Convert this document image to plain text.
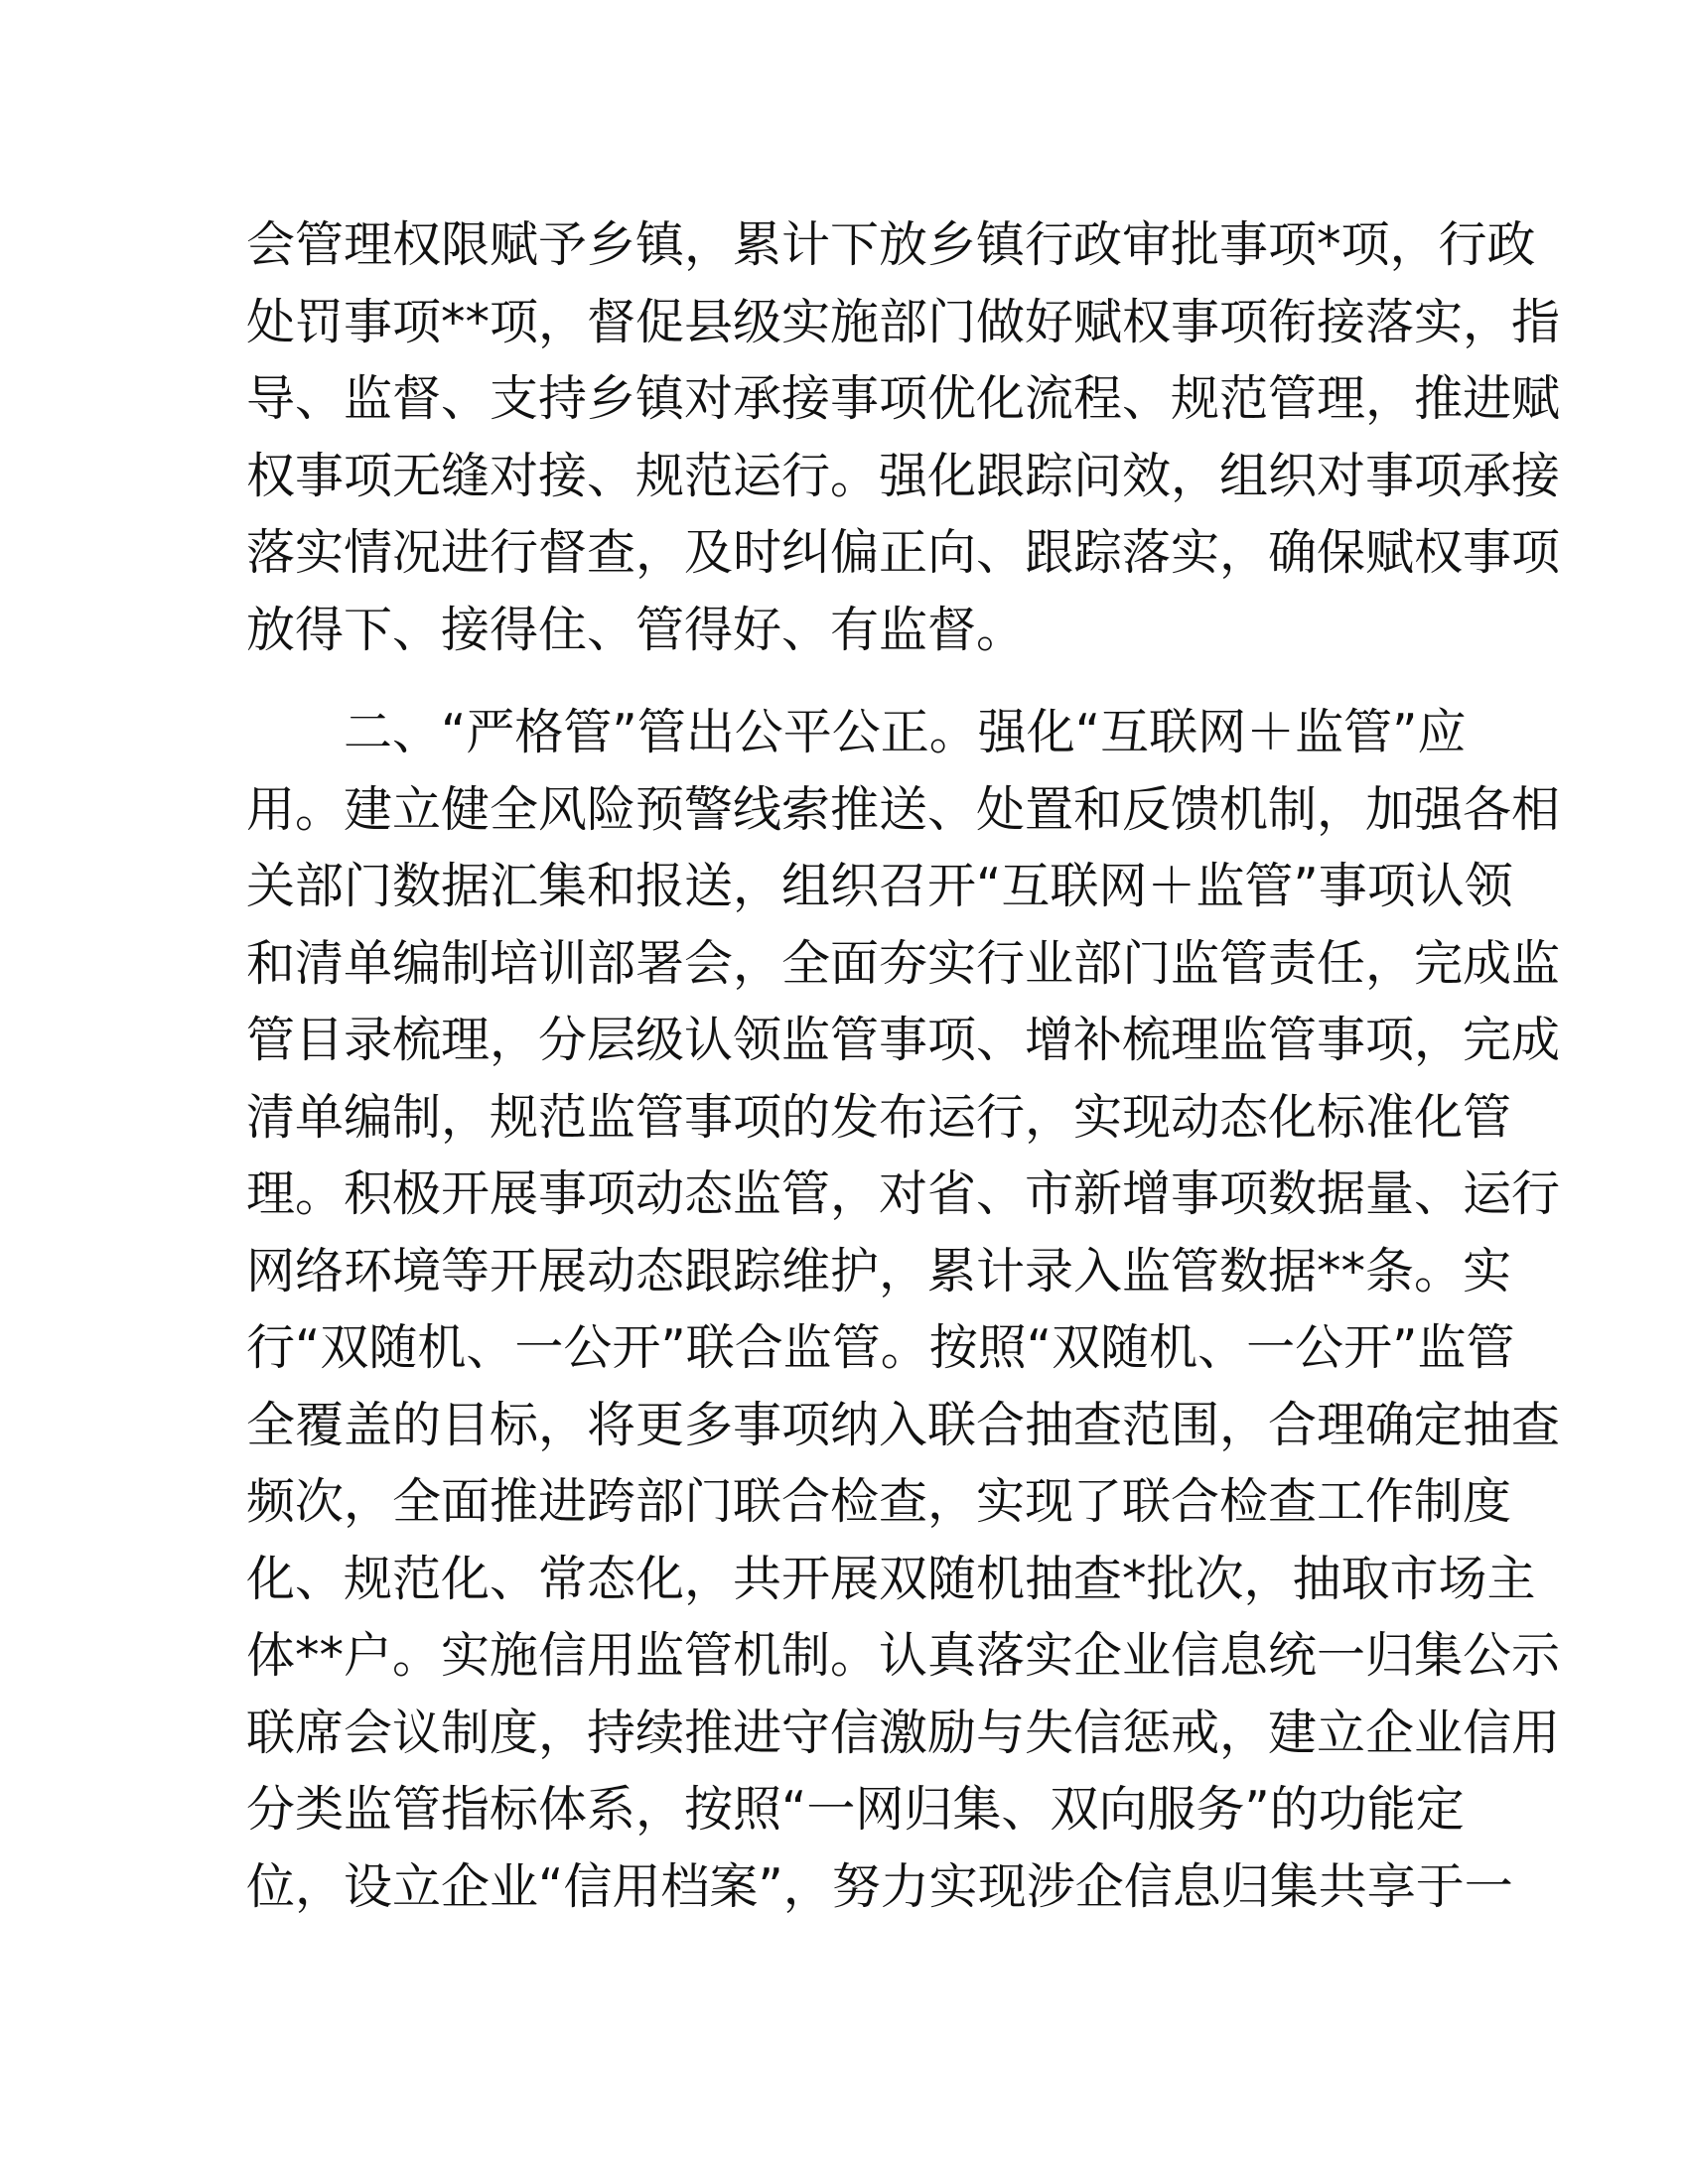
会管理权限赋予乡镇，累计下放乡镇行政审批事项*项，行政
处罚事项**项，督促县级实施部门做好赋权事项衔接落实，指
导、监督、支持乡镇对承接事项优化流程、规范管理，推进赋
权事项无缝对接、规范运行。强化跟踪问效，组织对事项承接
落实情况进行督查，及时纠偏正向、跟踪落实，确保赋权事项
放得下、接得住、管得好、有监督。
二、“严格管”管出公平公正。强化“互联网＋监管”应
用。建立健全风险预警线索推送、处置和反馈机制，加强各相
关部门数据汇集和报送，组织召开“互联网＋监管”事项认领
和清单编制培训部署会，全面夯实行业部门监管责任，完成监
管目录梳理，分层级认领监管事项、增补梳理监管事项，完成
清单编制，规范监管事项的发布运行，实现动态化标准化管
理。积极开展事项动态监管，对省、市新增事项数据量、运行
网络环境等开展动态跟踪维护，累计录入监管数据**条。实
行“双随机、一公开”联合监管。按照“双随机、一公开”监管
全覆盖的目标，将更多事项纳入联合抽查范围，合理确定抽查
频次，全面推进跨部门联合检查，实现了联合检查工作制度
化、规范化、常态化，共开展双随机抽查*批次，抽取市场主
体**户。实施信用监管机制。认真落实企业信息统一归集公示
联席会议制度，持续推进守信激励与失信惩戒，建立企业信用
分类监管指标体系，按照“一网归集、双向服务”的功能定
位，设立企业“信用档案”，努力实现涉企信息归集共享于一
